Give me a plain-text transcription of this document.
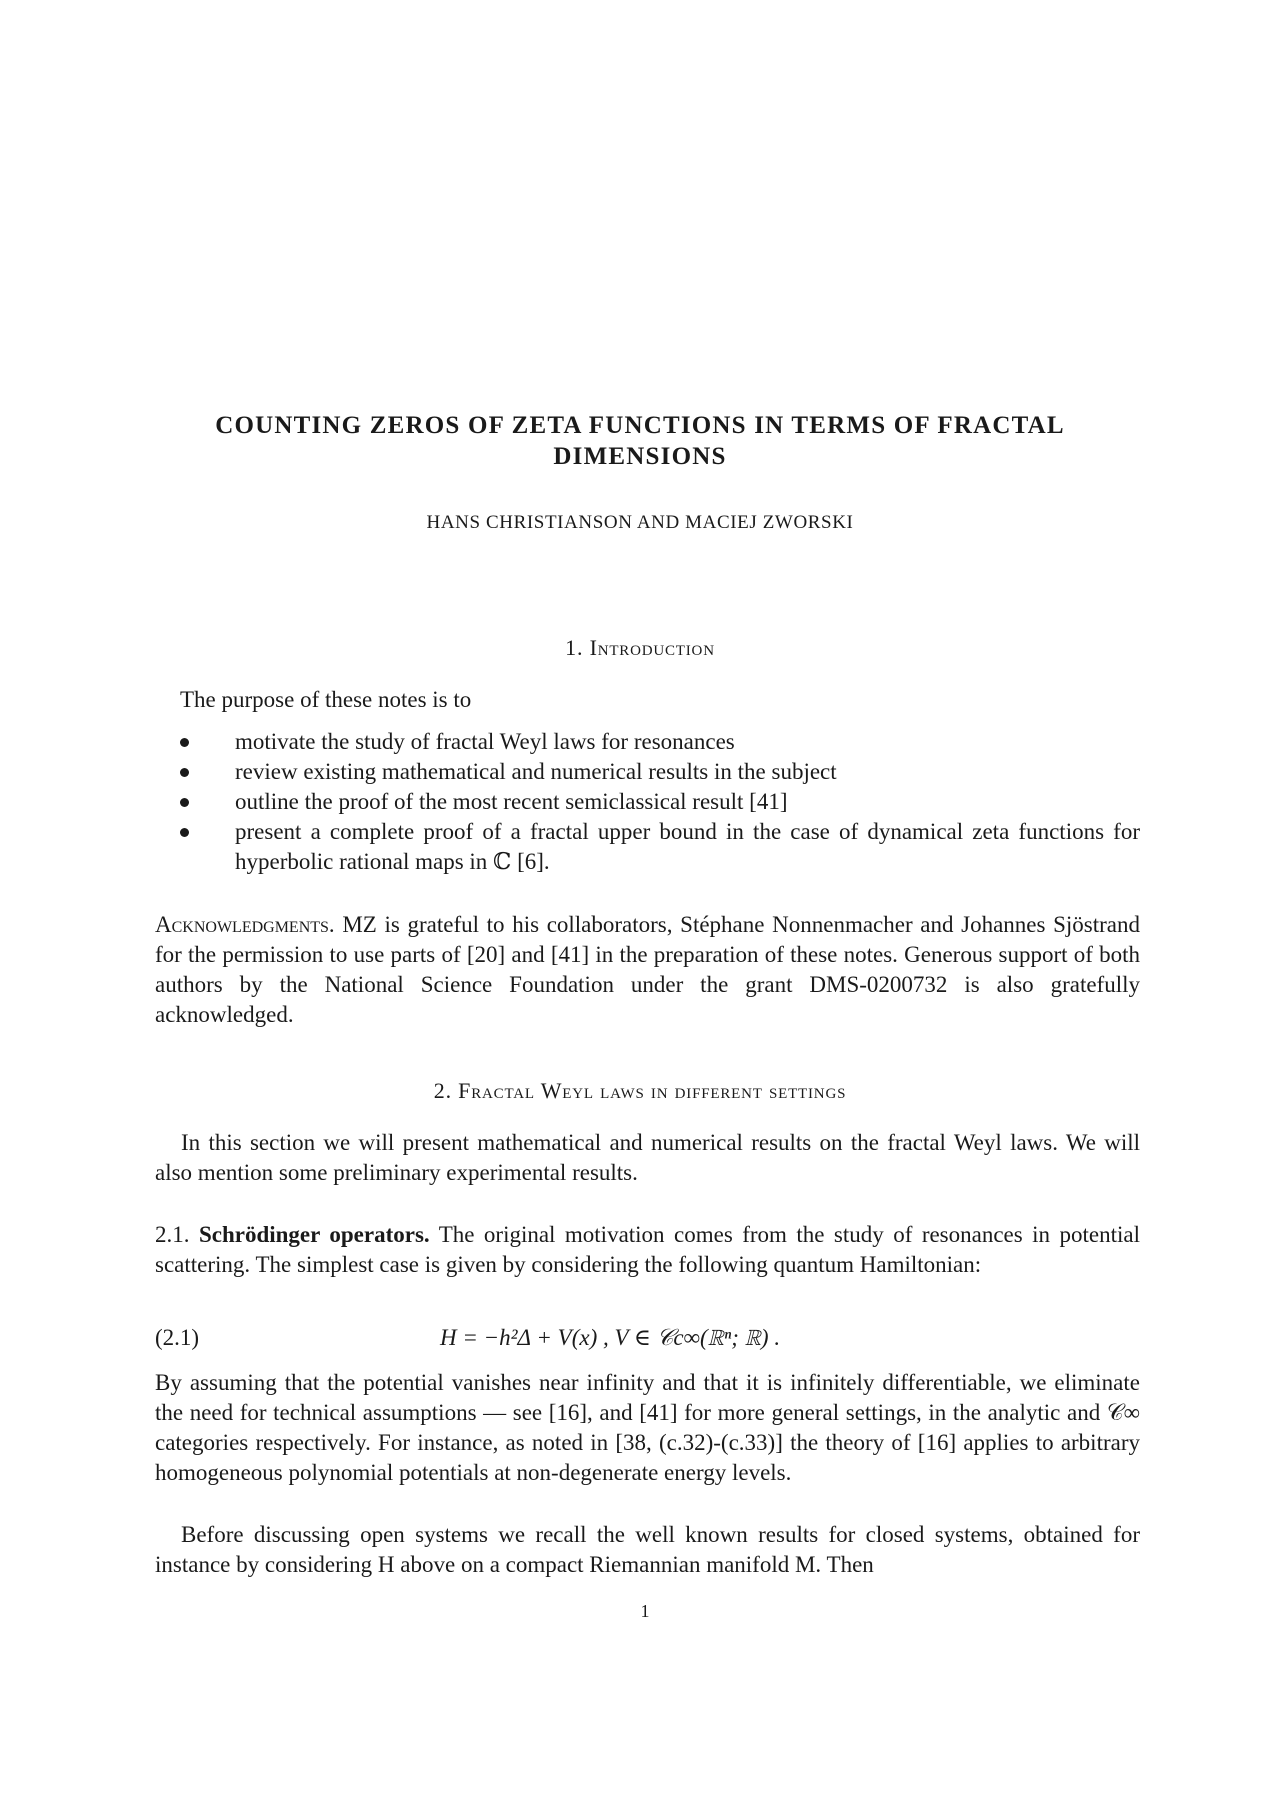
COUNTING ZEROS OF ZETA FUNCTIONS IN TERMS OF FRACTAL
DIMENSIONS
HANS CHRISTIANSON AND MACIEJ ZWORSKI
1. Introduction
The purpose of these notes is to
motivate the study of fractal Weyl laws for resonances
review existing mathematical and numerical results in the subject
outline the proof of the most recent semiclassical result [41]
present a complete proof of a fractal upper bound in the case of dynamical zeta functions for hyperbolic rational maps in ℂ [6].
Acknowledgments. MZ is grateful to his collaborators, Stéphane Nonnenmacher and Johannes Sjöstrand for the permission to use parts of [20] and [41] in the preparation of these notes. Generous support of both authors by the National Science Foundation under the grant DMS-0200732 is also gratefully acknowledged.
2. Fractal Weyl laws in different settings
In this section we will present mathematical and numerical results on the fractal Weyl laws. We will also mention some preliminary experimental results.
2.1. Schrödinger operators. The original motivation comes from the study of resonances in potential scattering. The simplest case is given by considering the following quantum Hamiltonian:
(2.1)	H = −h²Δ + V(x) , V ∈ 𝒞c∞(ℝⁿ; ℝ) .
By assuming that the potential vanishes near infinity and that it is infinitely differentiable, we eliminate the need for technical assumptions — see [16], and [41] for more general settings, in the analytic and 𝒞∞ categories respectively. For instance, as noted in [38, (c.32)-(c.33)] the theory of [16] applies to arbitrary homogeneous polynomial potentials at non-degenerate energy levels.
Before discussing open systems we recall the well known results for closed systems, obtained for instance by considering H above on a compact Riemannian manifold M. Then
1
